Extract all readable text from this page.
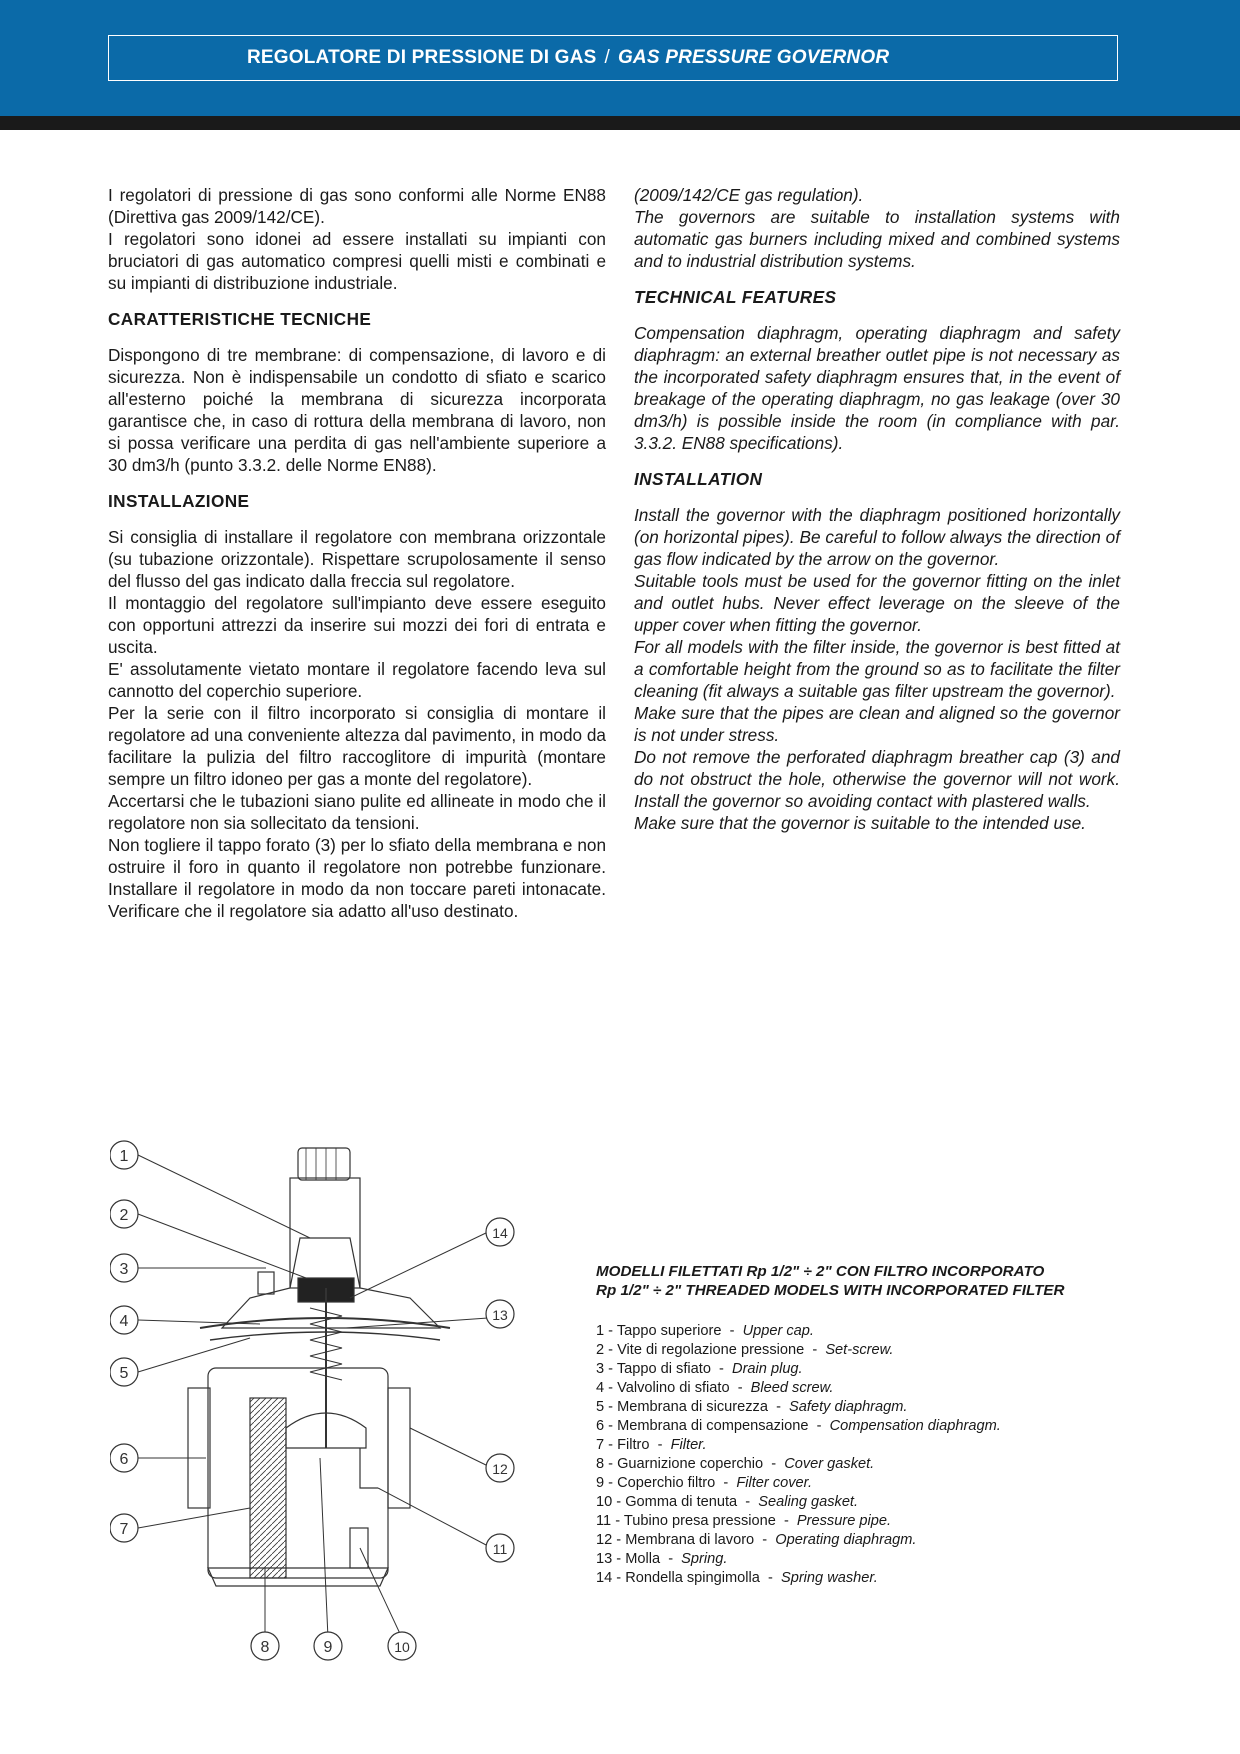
REGOLATORE DI PRESSIONE DI GAS / GAS PRESSURE GOVERNOR

I regolatori di pressione di gas sono conformi alle Norme EN88 (Direttiva gas 2009/142/CE).

I regolatori sono idonei ad essere installati su impianti con bruciatori di gas automatico compresi quelli misti e combinati e su impianti di distribuzione industriale.

CARATTERISTICHE TECNICHE

Dispongono di tre membrane: di compensazione, di lavoro e di sicurezza. Non è indispensabile un condotto di sfiato e scarico all'esterno poiché la membrana di sicurezza incorporata garantisce che, in caso di rottura della membrana di lavoro, non si possa verificare una perdita di gas nell'ambiente superiore a 30 dm3/h (punto 3.3.2. delle Norme EN88).

INSTALLAZIONE

Si consiglia di installare il regolatore con membrana orizzontale (su tubazione orizzontale). Rispettare scrupolosamente il senso del flusso del gas indicato dalla freccia sul regolatore.

Il montaggio del regolatore sull'impianto deve essere eseguito con opportuni attrezzi da inserire sui mozzi dei fori di entrata e uscita.

E' assolutamente vietato montare il regolatore facendo leva sul cannotto del coperchio superiore.

Per la serie con il filtro incorporato si consiglia di montare il regolatore ad una conveniente altezza dal pavimento, in modo da facilitare la pulizia del filtro raccoglitore di impurità (montare sempre un filtro idoneo per gas a monte del regolatore).

Accertarsi che le tubazioni siano pulite ed allineate in modo che il regolatore non sia sollecitato da tensioni.

Non togliere il tappo forato (3) per lo sfiato della membrana e non ostruire il foro in quanto il regolatore non potrebbe funzionare. Installare il regolatore in modo da non toccare pareti intonacate. Verificare che il regolatore sia adatto all'uso destinato.

(2009/142/CE gas regulation).

The governors are suitable to installation systems with automatic gas burners including mixed and combined systems and to industrial distribution systems.

TECHNICAL FEATURES

Compensation diaphragm, operating diaphragm and safety diaphragm: an external breather outlet pipe is not necessary as the incorporated safety diaphragm ensures that, in the event of breakage of the operating diaphragm, no gas leakage (over 30 dm3/h) is possible inside the room (in compliance with par. 3.3.2. EN88 specifications).

INSTALLATION

Install the governor with the diaphragm positioned horizontally (on horizontal pipes). Be careful to follow always the direction of gas flow indicated by the arrow on the governor.

Suitable tools must be used for the governor fitting on the inlet and outlet hubs. Never effect leverage on the sleeve of the upper cover when fitting the governor.

For all models with the filter inside, the governor is best fitted at a comfortable height from the ground so as to facilitate the filter cleaning (fit always a suitable gas filter upstream the governor).

Make sure that the pipes are clean and aligned so the governor is not under stress.

Do not remove the perforated diaphragm breather cap (3) and do not obstruct the hole, otherwise the governor will not work. Install the governor so avoiding contact with plastered walls.

Make sure that the governor is suitable to the intended use.

1
2
3
4
5
6
7
8	9	10
11
12
13
14

MODELLI FILETTATI Rp 1/2" ÷ 2" CON FILTRO INCORPORATO

Rp 1/2" ÷ 2" THREADED MODELS WITH INCORPORATED FILTER

1 - Tappo superiore - Upper cap.
2 - Vite di regolazione pressione - Set-screw.
3 - Tappo di sfiato - Drain plug.
4 - Valvolino di sfiato - Bleed screw.
5 - Membrana di sicurezza - Safety diaphragm.
6 - Membrana di compensazione - Compensation diaphragm.
7 - Filtro - Filter.
8 - Guarnizione coperchio - Cover gasket.
9 - Coperchio filtro - Filter cover.
10 - Gomma di tenuta - Sealing gasket.
11 - Tubino presa pressione - Pressure pipe.
12 - Membrana di lavoro - Operating diaphragm.
13 - Molla - Spring.
14 - Rondella spingimolla - Spring washer.
